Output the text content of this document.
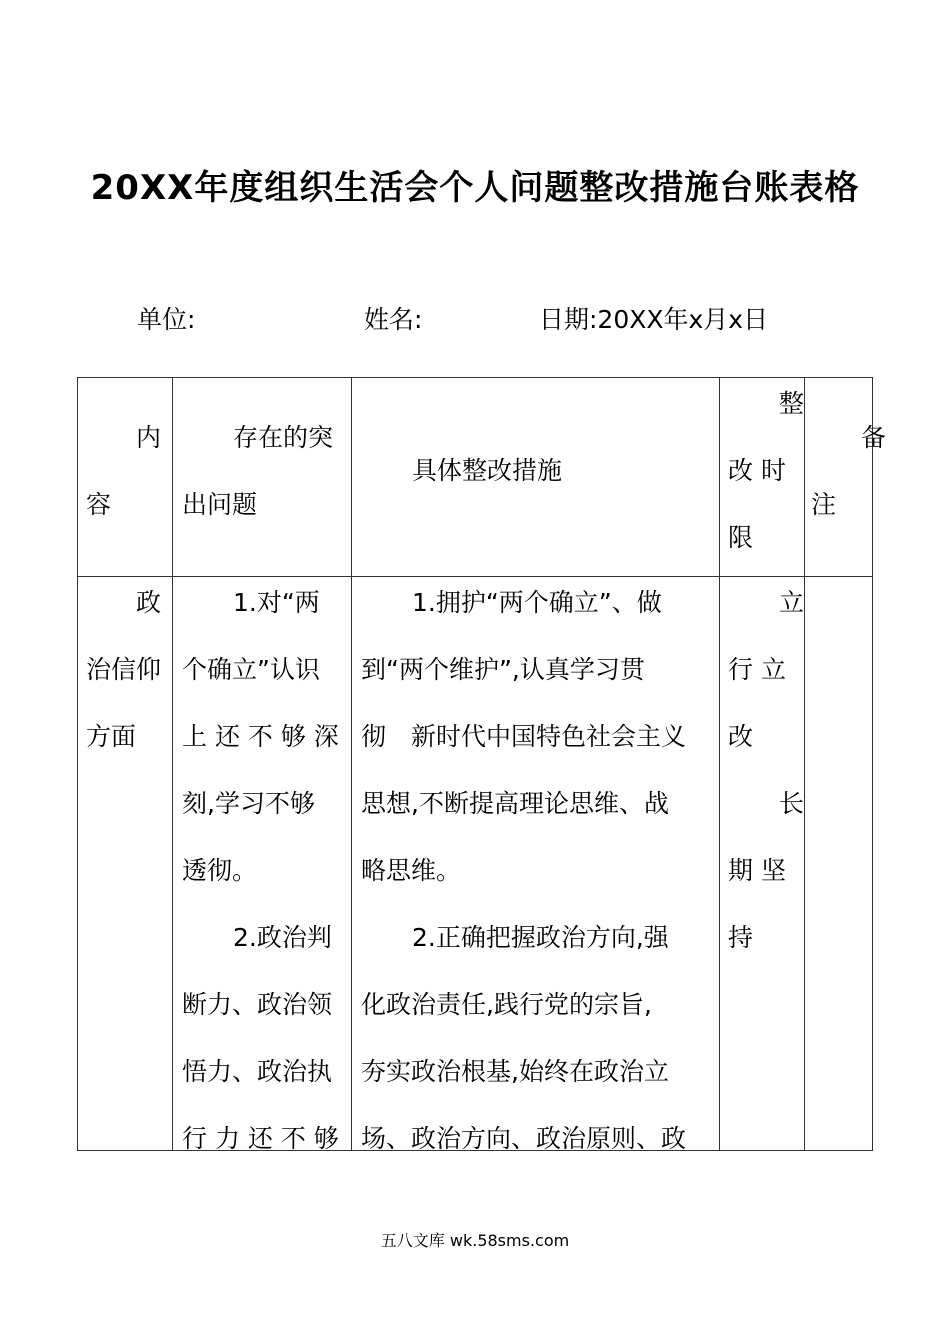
20XX年度组织生活会个人问题整改措施台账表格
单位:	姓名:	日期:20XX年x月x日
内
容
存在的突
出问题
具体整改措施
整
改 时
限
备
注
政
治信仰
方面
1.对“两
个确立”认识
上 还 不 够 深
刻,学习不够
透彻。
2.政治判
断力、政治领
悟力、政治执
行 力 还 不 够
1.拥护“两个确立”、做
到“两个维护”,认真学习贯
彻　新时代中国特色社会主义
思想,不断提高理论思维、战
略思维。
2.正确把握政治方向,强
化政治责任,践行党的宗旨,
夯实政治根基,始终在政治立
场、政治方向、政治原则、政
立
行 立
改
长
期 坚
持
五八文库 wk.58sms.com
